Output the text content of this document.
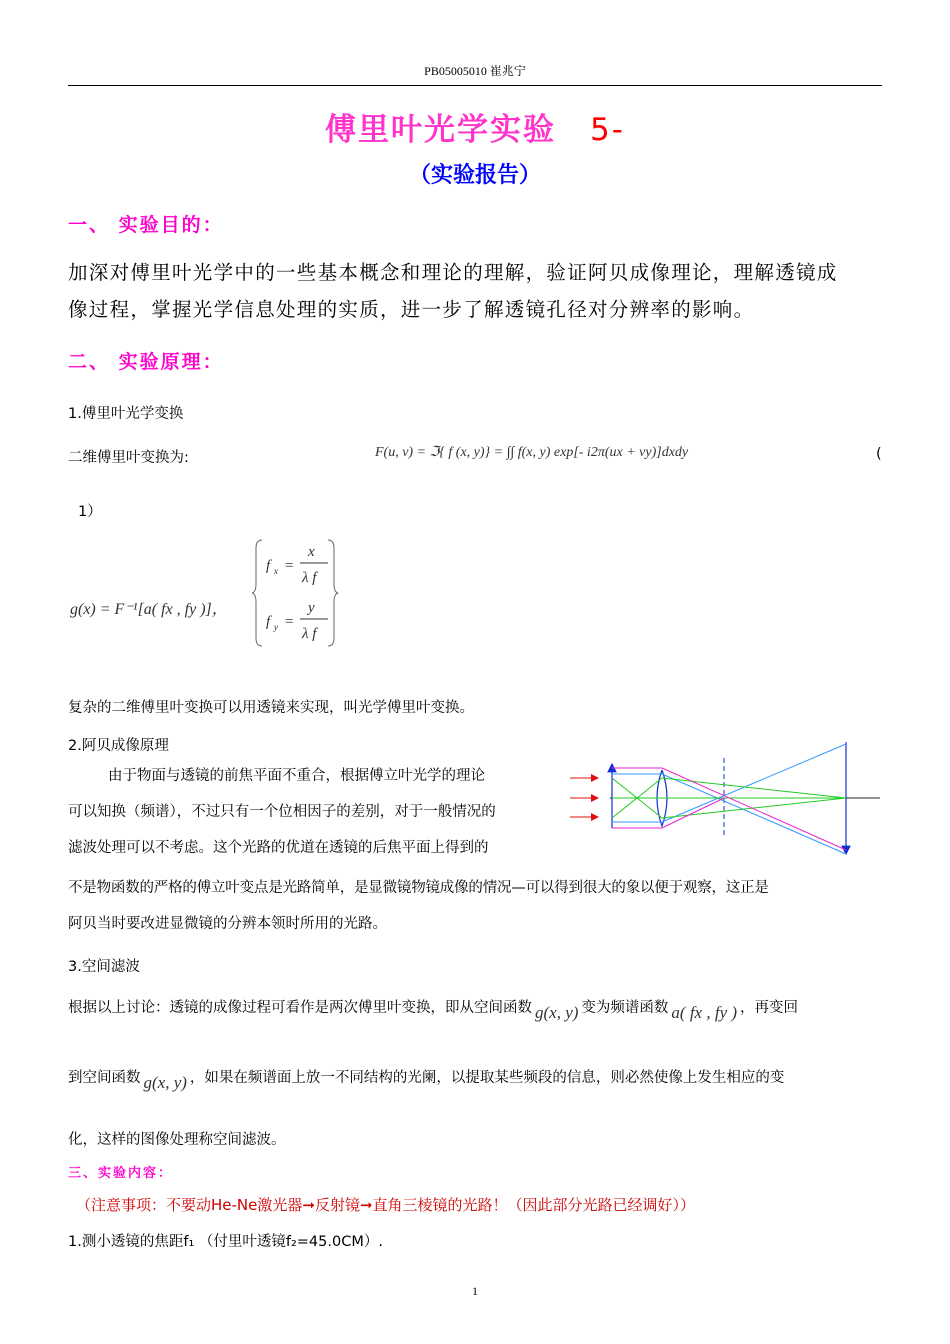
PB05005010 崔兆宁
傅里叶光学实验 5-
（实验报告）
一、 实验目的：
加深对傅里叶光学中的一些基本概念和理论的理解，验证阿贝成像理论，理解透镜成
像过程，掌握光学信息处理的实质，进一步了解透镜孔径对分辨率的影响。
二、 实验原理：
1.傅里叶光学变换
二维傅里叶变换为:	F(u, v) = ℑ{ f (x, y)} = ∫∫ f(x, y) exp[- i2π(ux + vy)]dxdy	(
1）
g(x) = F⁻¹[a( fx , fy )]，
f x =
x
λ f
f y =
y
λ f
复杂的二维傅里叶变换可以用透镜来实现，叫光学傅里叶变换。
2.阿贝成像原理
由于物面与透镜的前焦平面不重合，根据傅立叶光学的理论
可以知换（频谱），不过只有一个位相因子的差别，对于一般情况的
滤波处理可以不考虑。这个光路的优道在透镜的后焦平面上得到的
不是物函数的严格的傅立叶变点是光路简单，是显微镜物镜成像的情况—可以得到很大的象以便于观察，这正是
阿贝当时要改进显微镜的分辨本领时所用的光路。
3.空间滤波
根据以上讨论：透镜的成像过程可看作是两次傅里叶变换，即从空间函数 g(x, y) 变为频谱函数 a( fx , fy ) ，再变回
到空间函数 g(x, y) ，如果在频谱面上放一不同结构的光阑，以提取某些频段的信息，则必然使像上发生相应的变
化，这样的图像处理称空间滤波。
三、实验内容：
（注意事项：不要动He-Ne激光器➞反射镜➞直角三棱镜的光路！（因此部分光路已经调好））
1.测小透镜的焦距f₁ （付里叶透镜f₂=45.0CM）.
1
